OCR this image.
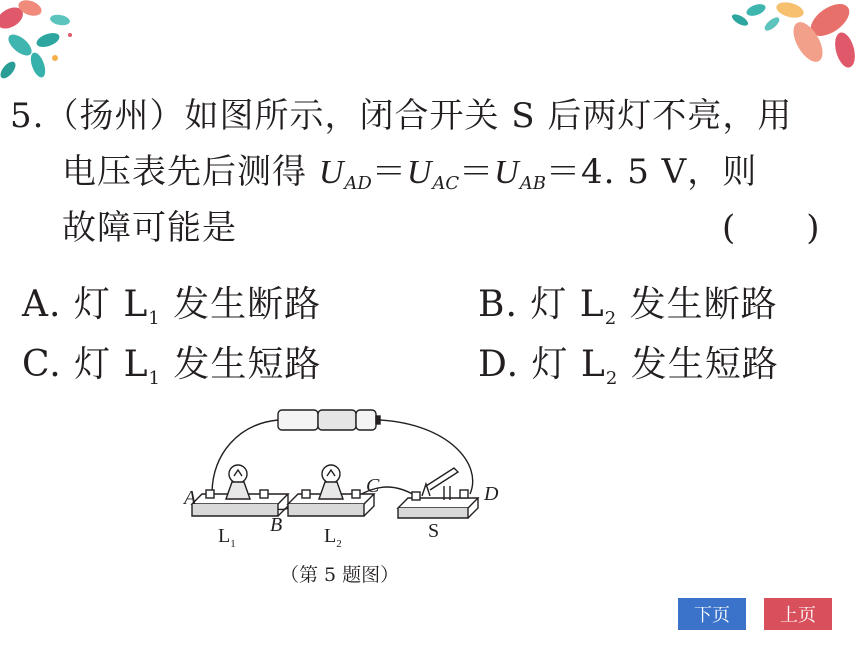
5.（扬州）如图所示，闭合开关 S 后两灯不亮，用
电压表先后测得 $U_{AD}=U_{AC}=U_{AB}=4$. 5 V，则
故障可能是	(　　)
A. 灯 $L_1$ 发生断路	B. 灯 $L_2$ 发生断路
C. 灯 $L_1$ 发生短路	D. 灯 $L_2$ 发生短路
A
B
C	D
$L_1$	$L_2$
S
（第 5 题图）
下页	上页
